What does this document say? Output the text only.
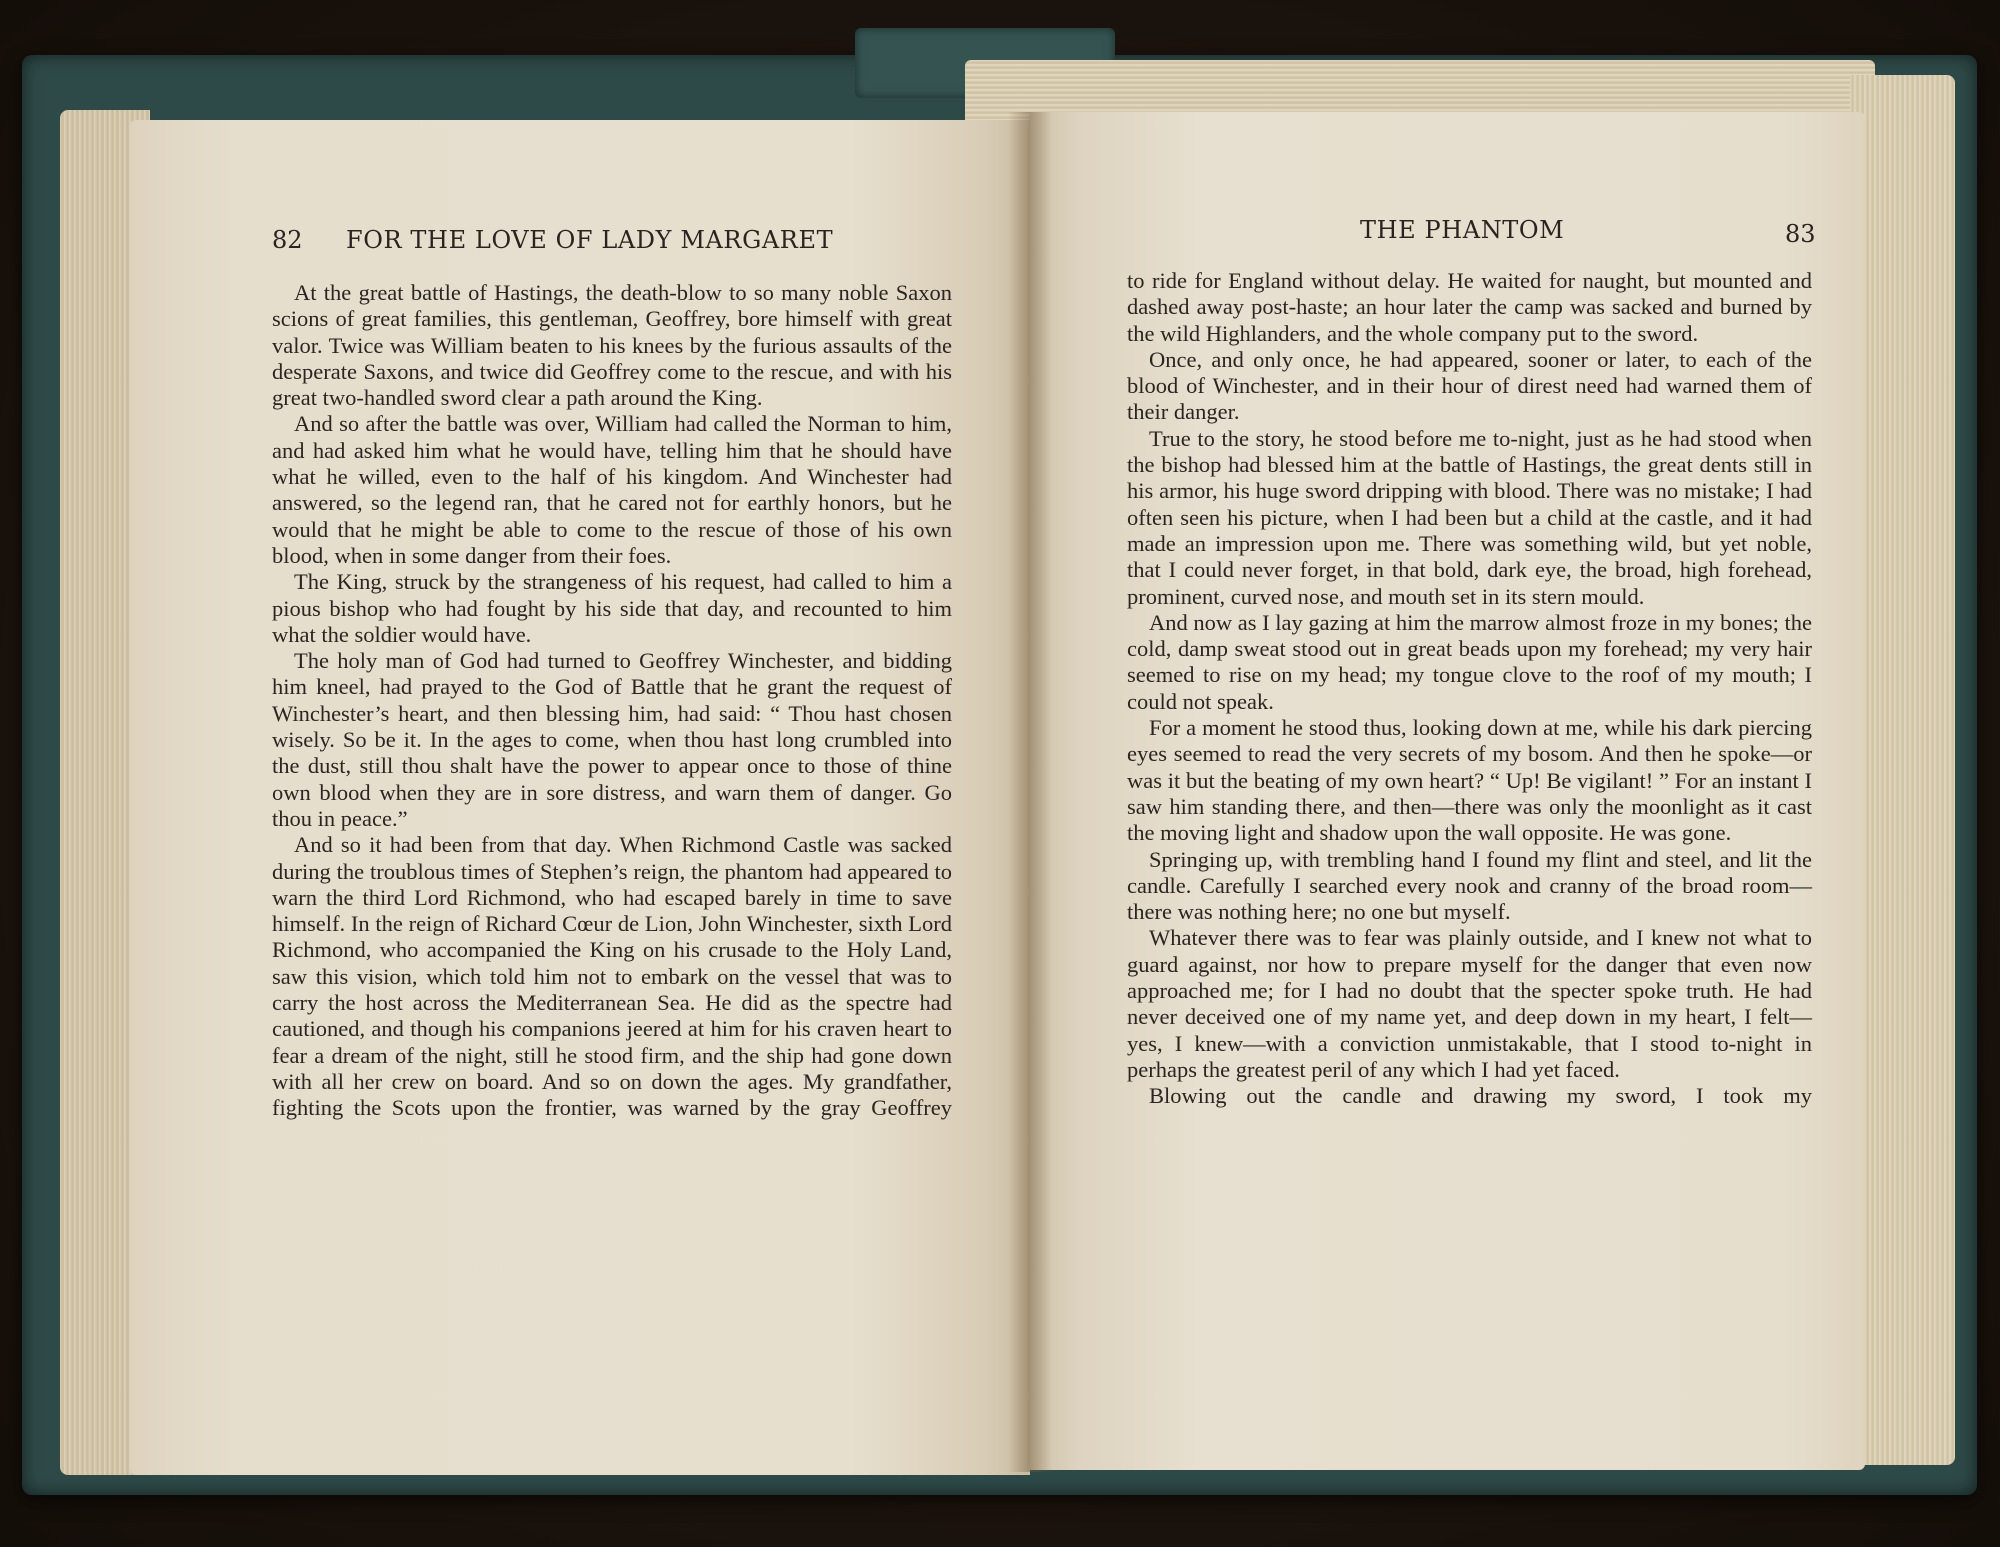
82 FOR THE LOVE OF LADY MARGARET

At the great battle of Hastings, the death-blow to so many noble Saxon scions of great families, this gentleman, Geoffrey, bore himself with great valor. Twice was William beaten to his knees by the furious assaults of the desperate Saxons, and twice did Geoffrey come to the rescue, and with his great two-handled sword clear a path around the King.

And so after the battle was over, William had called the Norman to him, and had asked him what he would have, telling him that he should have what he willed, even to the half of his kingdom. And Winchester had answered, so the legend ran, that he cared not for earthly honors, but he would that he might be able to come to the rescue of those of his own blood, when in some danger from their foes.

The King, struck by the strangeness of his request, had called to him a pious bishop who had fought by his side that day, and recounted to him what the soldier would have.

The holy man of God had turned to Geoffrey Winchester, and bidding him kneel, had prayed to the God of Battle that he grant the request of Winchester’s heart, and then blessing him, had said: “ Thou hast chosen wisely. So be it. In the ages to come, when thou hast long crumbled into the dust, still thou shalt have the power to appear once to those of thine own blood when they are in sore distress, and warn them of danger. Go thou in peace.”

And so it had been from that day. When Richmond Castle was sacked during the troublous times of Stephen’s reign, the phantom had appeared to warn the third Lord Richmond, who had escaped barely in time to save himself. In the reign of Richard Cœur de Lion, John Winchester, sixth Lord Richmond, who accompanied the King on his crusade to the Holy Land, saw this vision, which told him not to embark on the vessel that was to carry the host across the Mediterranean Sea. He did as the spectre had cautioned, and though his companions jeered at him for his craven heart to fear a dream of the night, still he stood firm, and the ship had gone down with all her crew on board. And so on down the ages. My grandfather, fighting the Scots upon the frontier, was warned by the gray Geoffrey

THE PHANTOM	83

to ride for England without delay. He waited for naught, but mounted and dashed away post-haste; an hour later the camp was sacked and burned by the wild Highlanders, and the whole company put to the sword.

Once, and only once, he had appeared, sooner or later, to each of the blood of Winchester, and in their hour of direst need had warned them of their danger.

True to the story, he stood before me to-night, just as he had stood when the bishop had blessed him at the battle of Hastings, the great dents still in his armor, his huge sword dripping with blood. There was no mistake; I had often seen his picture, when I had been but a child at the castle, and it had made an impression upon me. There was something wild, but yet noble, that I could never forget, in that bold, dark eye, the broad, high forehead, prominent, curved nose, and mouth set in its stern mould.

And now as I lay gazing at him the marrow almost froze in my bones; the cold, damp sweat stood out in great beads upon my forehead; my very hair seemed to rise on my head; my tongue clove to the roof of my mouth; I could not speak.

For a moment he stood thus, looking down at me, while his dark piercing eyes seemed to read the very secrets of my bosom. And then he spoke—or was it but the beating of my own heart? “ Up! Be vigilant! ” For an instant I saw him standing there, and then—there was only the moonlight as it cast the moving light and shadow upon the wall opposite. He was gone.

Springing up, with trembling hand I found my flint and steel, and lit the candle. Carefully I searched every nook and cranny of the broad room—there was nothing here; no one but myself.

Whatever there was to fear was plainly outside, and I knew not what to guard against, nor how to prepare myself for the danger that even now approached me; for I had no doubt that the specter spoke truth. He had never deceived one of my name yet, and deep down in my heart, I felt—yes, I knew—with a conviction unmistakable, that I stood to-night in perhaps the greatest peril of any which I had yet faced.

Blowing out the candle and drawing my sword, I took my
